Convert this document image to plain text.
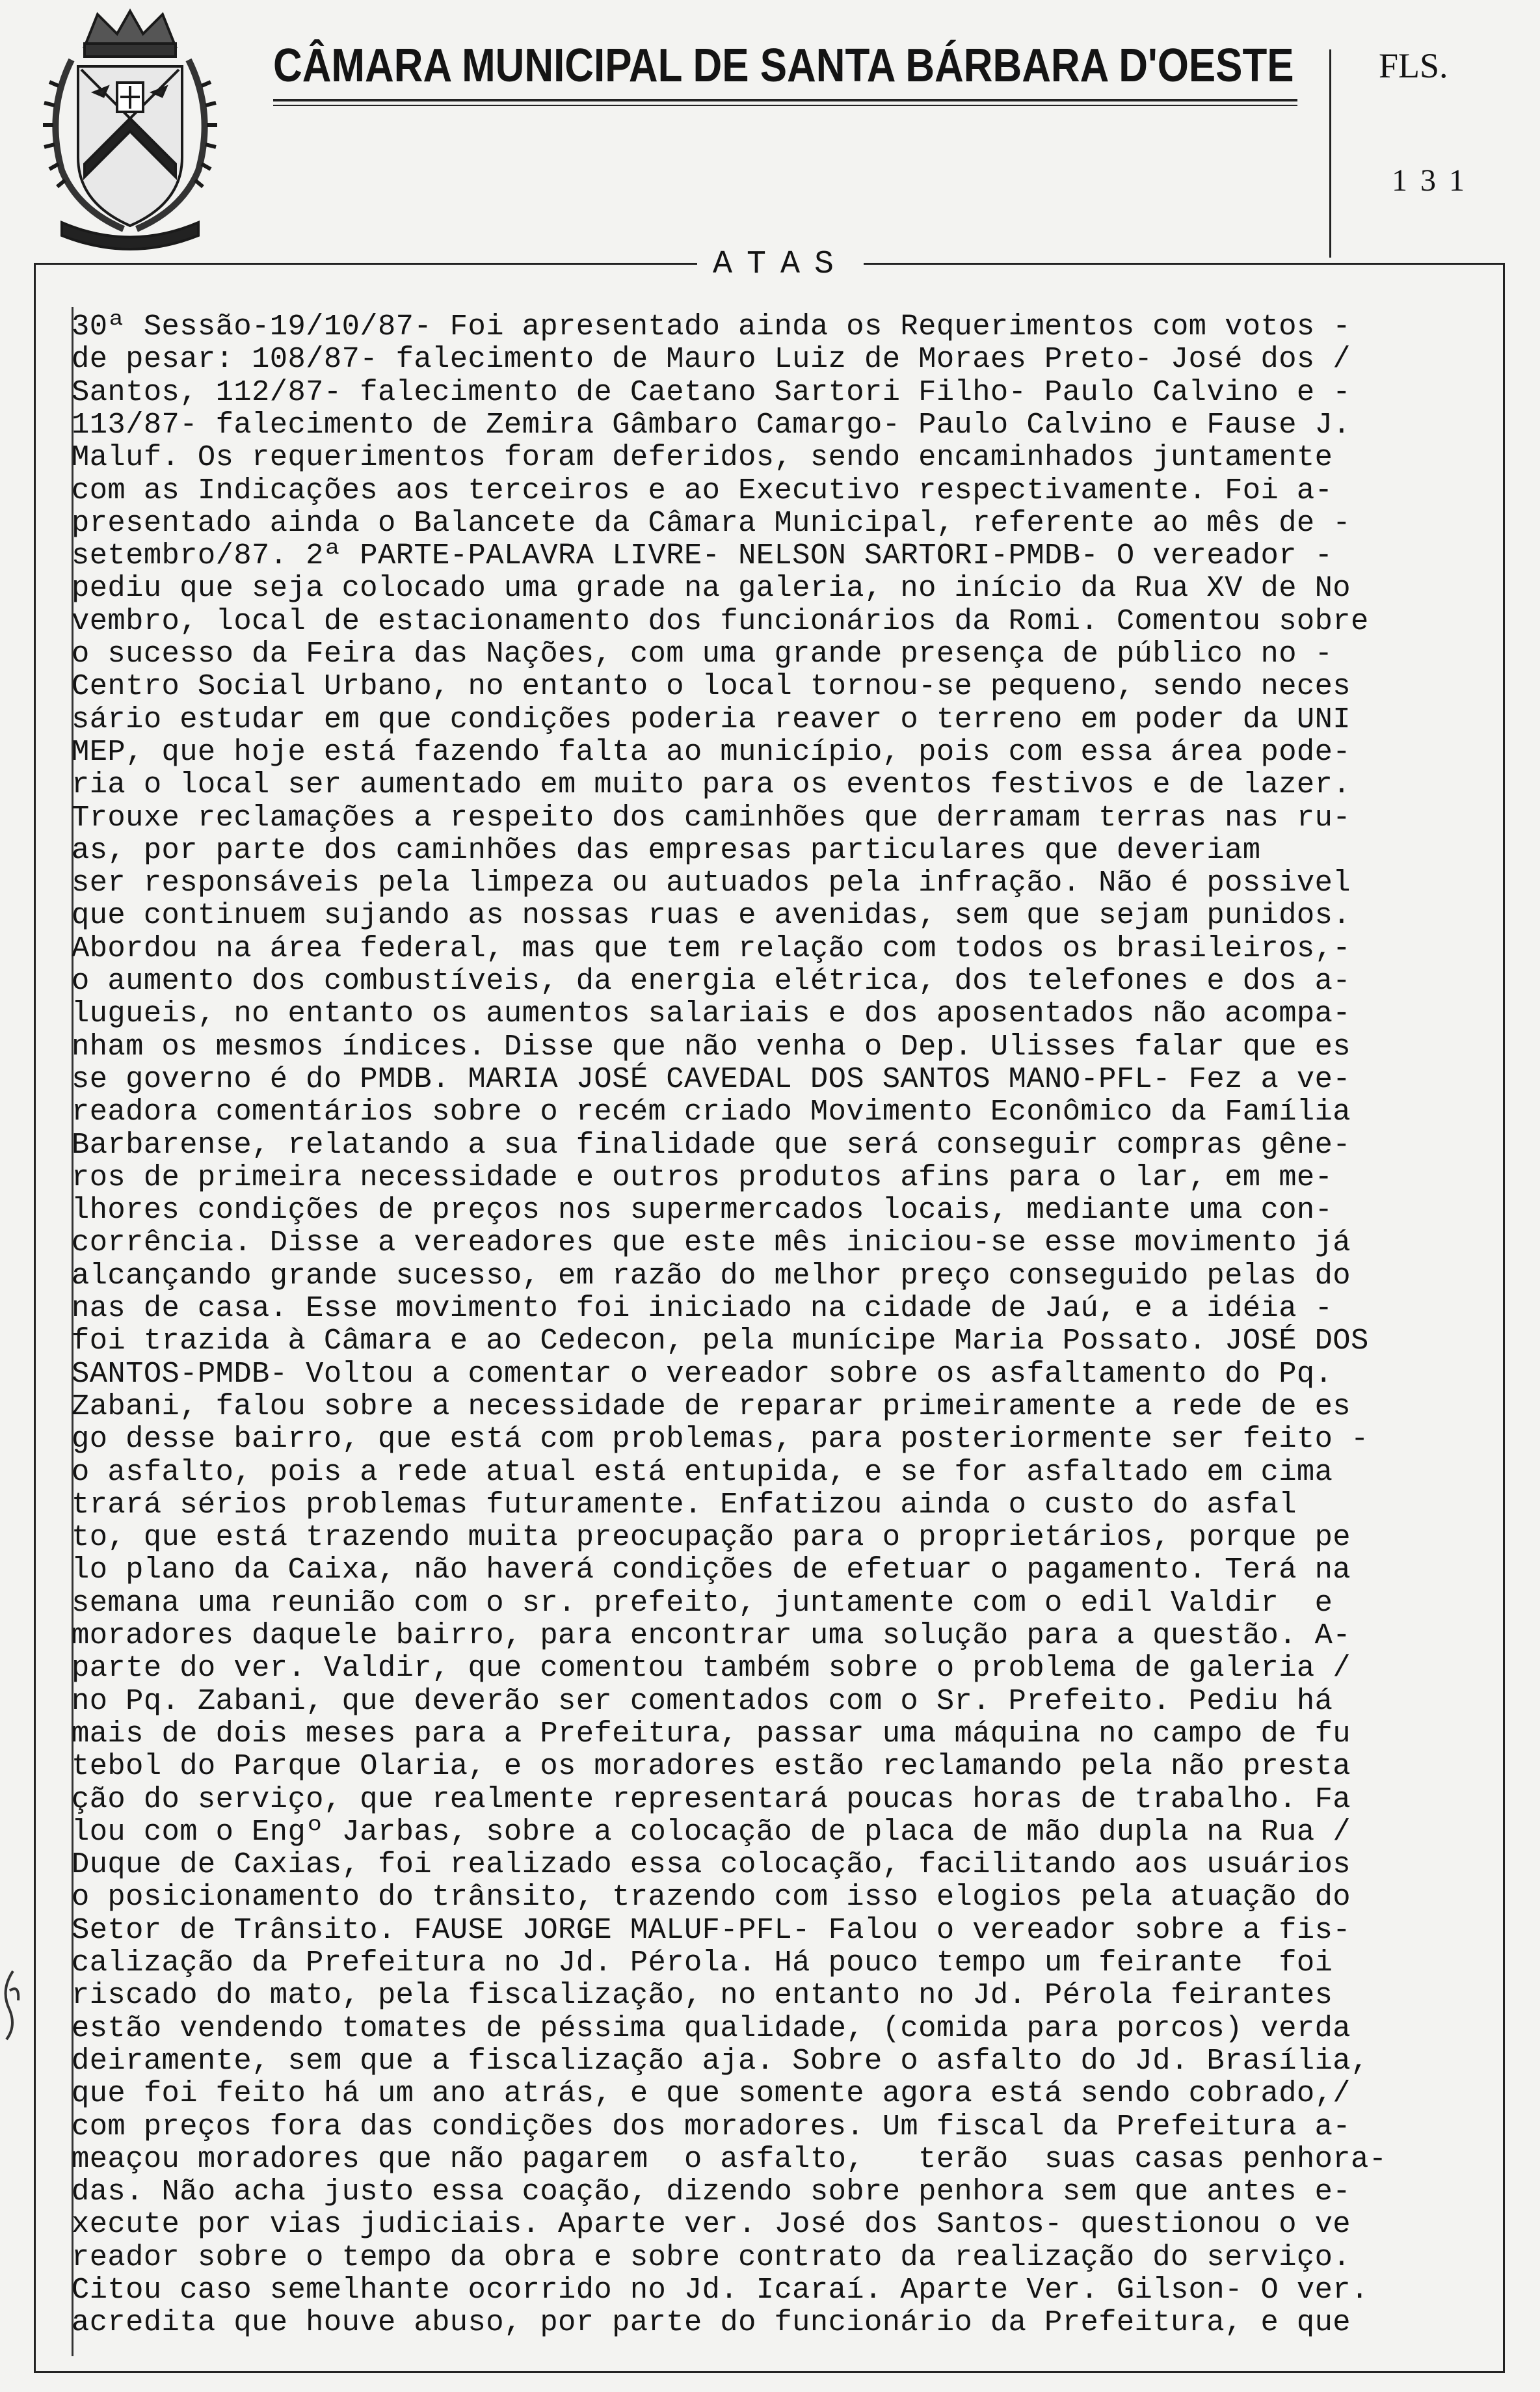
CÂMARA MUNICIPAL DE SANTA BÁRBARA D'OESTE FLS.
131
ATAS
30ª Sessão-19/10/87- Foi apresentado ainda os Requerimentos com votos -
de pesar: 108/87- falecimento de Mauro Luiz de Moraes Preto- José dos /
Santos, 112/87- falecimento de Caetano Sartori Filho- Paulo Calvino e -
113/87- falecimento de Zemira Gâmbaro Camargo- Paulo Calvino e Fause J.
Maluf. Os requerimentos foram deferidos, sendo encaminhados juntamente
com as Indicações aos terceiros e ao Executivo respectivamente. Foi a-
presentado ainda o Balancete da Câmara Municipal, referente ao mês de -
setembro/87. 2ª PARTE-PALAVRA LIVRE- NELSON SARTORI-PMDB- O vereador -
pediu que seja colocado uma grade na galeria, no início da Rua XV de No
vembro, local de estacionamento dos funcionários da Romi. Comentou sobre
o sucesso da Feira das Nações, com uma grande presença de público no -
Centro Social Urbano, no entanto o local tornou-se pequeno, sendo neces
sário estudar em que condições poderia reaver o terreno em poder da UNI
MEP, que hoje está fazendo falta ao município, pois com essa área pode-
ria o local ser aumentado em muito para os eventos festivos e de lazer.
Trouxe reclamações a respeito dos caminhões que derramam terras nas ru-
as, por parte dos caminhões das empresas particulares que deveriam
ser responsáveis pela limpeza ou autuados pela infração. Não é possivel
que continuem sujando as nossas ruas e avenidas, sem que sejam punidos.
Abordou na área federal, mas que tem relação com todos os brasileiros,-
o aumento dos combustíveis, da energia elétrica, dos telefones e dos a-
lugueis, no entanto os aumentos salariais e dos aposentados não acompa-
nham os mesmos índices. Disse que não venha o Dep. Ulisses falar que es
se governo é do PMDB. MARIA JOSÉ CAVEDAL DOS SANTOS MANO-PFL- Fez a ve-
readora comentários sobre o recém criado Movimento Econômico da Família
Barbarense, relatando a sua finalidade que será conseguir compras gêne-
ros de primeira necessidade e outros produtos afins para o lar, em me-
lhores condições de preços nos supermercados locais, mediante uma con-
corrência. Disse a vereadores que este mês iniciou-se esse movimento já
alcançando grande sucesso, em razão do melhor preço conseguido pelas do
nas de casa. Esse movimento foi iniciado na cidade de Jaú, e a idéia -
foi trazida à Câmara e ao Cedecon, pela munícipe Maria Possato. JOSÉ DOS
SANTOS-PMDB- Voltou a comentar o vereador sobre os asfaltamento do Pq.
Zabani, falou sobre a necessidade de reparar primeiramente a rede de es
go desse bairro, que está com problemas, para posteriormente ser feito -
o asfalto, pois a rede atual está entupida, e se for asfaltado em cima
trará sérios problemas futuramente. Enfatizou ainda o custo do asfal
to, que está trazendo muita preocupação para o proprietários, porque pe
lo plano da Caixa, não haverá condições de efetuar o pagamento. Terá na
semana uma reunião com o sr. prefeito, juntamente com o edil Valdir  e
moradores daquele bairro, para encontrar uma solução para a questão. A-
parte do ver. Valdir, que comentou também sobre o problema de galeria /
no Pq. Zabani, que deverão ser comentados com o Sr. Prefeito. Pediu há
mais de dois meses para a Prefeitura, passar uma máquina no campo de fu
tebol do Parque Olaria, e os moradores estão reclamando pela não presta
ção do serviço, que realmente representará poucas horas de trabalho. Fa
lou com o Engº Jarbas, sobre a colocação de placa de mão dupla na Rua /
Duque de Caxias, foi realizado essa colocação, facilitando aos usuários
o posicionamento do trânsito, trazendo com isso elogios pela atuação do
Setor de Trânsito. FAUSE JORGE MALUF-PFL- Falou o vereador sobre a fis-
calização da Prefeitura no Jd. Pérola. Há pouco tempo um feirante  foi
riscado do mato, pela fiscalização, no entanto no Jd. Pérola feirantes
estão vendendo tomates de péssima qualidade, (comida para porcos) verda
deiramente, sem que a fiscalização aja. Sobre o asfalto do Jd. Brasília,
que foi feito há um ano atrás, e que somente agora está sendo cobrado,/
com preços fora das condições dos moradores. Um fiscal da Prefeitura a-
meaçou moradores que não pagarem  o asfalto,   terão  suas casas penhora-
das. Não acha justo essa coação, dizendo sobre penhora sem que antes e-
xecute por vias judiciais. Aparte ver. José dos Santos- questionou o ve
reador sobre o tempo da obra e sobre contrato da realização do serviço.
Citou caso semelhante ocorrido no Jd. Icaraí. Aparte Ver. Gilson- O ver.
acredita que houve abuso, por parte do funcionário da Prefeitura, e que
